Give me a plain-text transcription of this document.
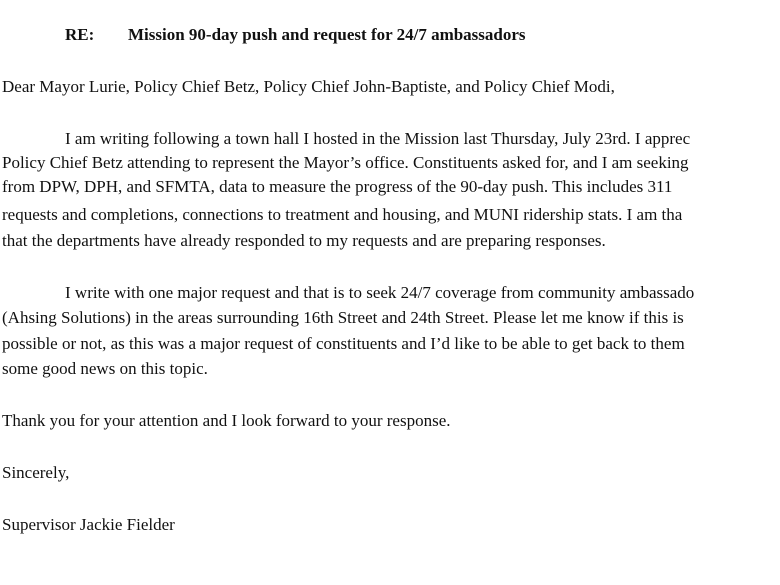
RE: Mission 90-day push and request for 24/7 ambassadors
Dear Mayor Lurie, Policy Chief Betz, Policy Chief John-Baptiste, and Policy Chief Modi,
I am writing following a town hall I hosted in the Mission last Thursday, July 23rd. I apprec
Policy Chief Betz attending to represent the Mayor’s office. Constituents asked for, and I am seeking
from DPW, DPH, and SFMTA, data to measure the progress of the 90-day push. This includes 311
requests and completions, connections to treatment and housing, and MUNI ridership stats. I am tha
that the departments have already responded to my requests and are preparing responses.
I write with one major request and that is to seek 24/7 coverage from community ambassado
(Ahsing Solutions) in the areas surrounding 16th Street and 24th Street. Please let me know if this is
possible or not, as this was a major request of constituents and I’d like to be able to get back to them
some good news on this topic.
Thank you for your attention and I look forward to your response.
Sincerely,
Supervisor Jackie Fielder
